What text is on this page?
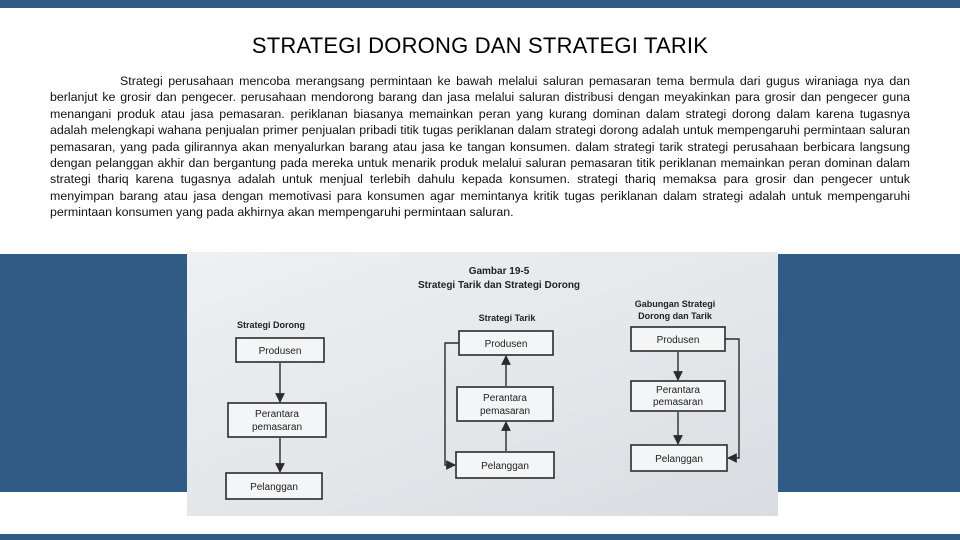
STRATEGI DORONG DAN STRATEGI TARIK
Strategi perusahaan mencoba merangsang permintaan ke bawah melalui saluran pemasaran tema bermula dari gugus wiraniaga nya dan berlanjut ke grosir dan pengecer. perusahaan mendorong barang dan jasa melalui saluran distribusi dengan meyakinkan para grosir dan pengecer guna menangani produk atau jasa pemasaran. periklanan biasanya memainkan peran yang kurang dominan dalam strategi dorong dalam karena tugasnya adalah melengkapi wahana penjualan primer penjualan pribadi titik tugas periklanan dalam strategi dorong adalah untuk mempengaruhi permintaan saluran pemasaran, yang pada gilirannya akan menyalurkan barang atau jasa ke tangan konsumen. dalam strategi tarik strategi perusahaan berbicara langsung dengan pelanggan akhir dan bergantung pada mereka untuk menarik produk melalui saluran pemasaran titik periklanan memainkan peran dominan dalam strategi thariq karena tugasnya adalah untuk menjual terlebih dahulu kepada konsumen. strategi thariq memaksa para grosir dan pengecer untuk menyimpan barang atau jasa dengan memotivasi para konsumen agar memintanya kritik tugas periklanan dalam strategi adalah untuk mempengaruhi permintaan konsumen yang pada akhirnya akan mempengaruhi permintaan saluran.
Gambar 19-5
Strategi Tarik dan Strategi Dorong
Strategi Dorong
Produsen
Perantara
pemasaran
Pelanggan
Strategi Tarik
Produsen
Perantara
pemasaran
Pelanggan
Gabungan Strategi
Dorong dan Tarik
Produsen
Perantara
pemasaran
Pelanggan
